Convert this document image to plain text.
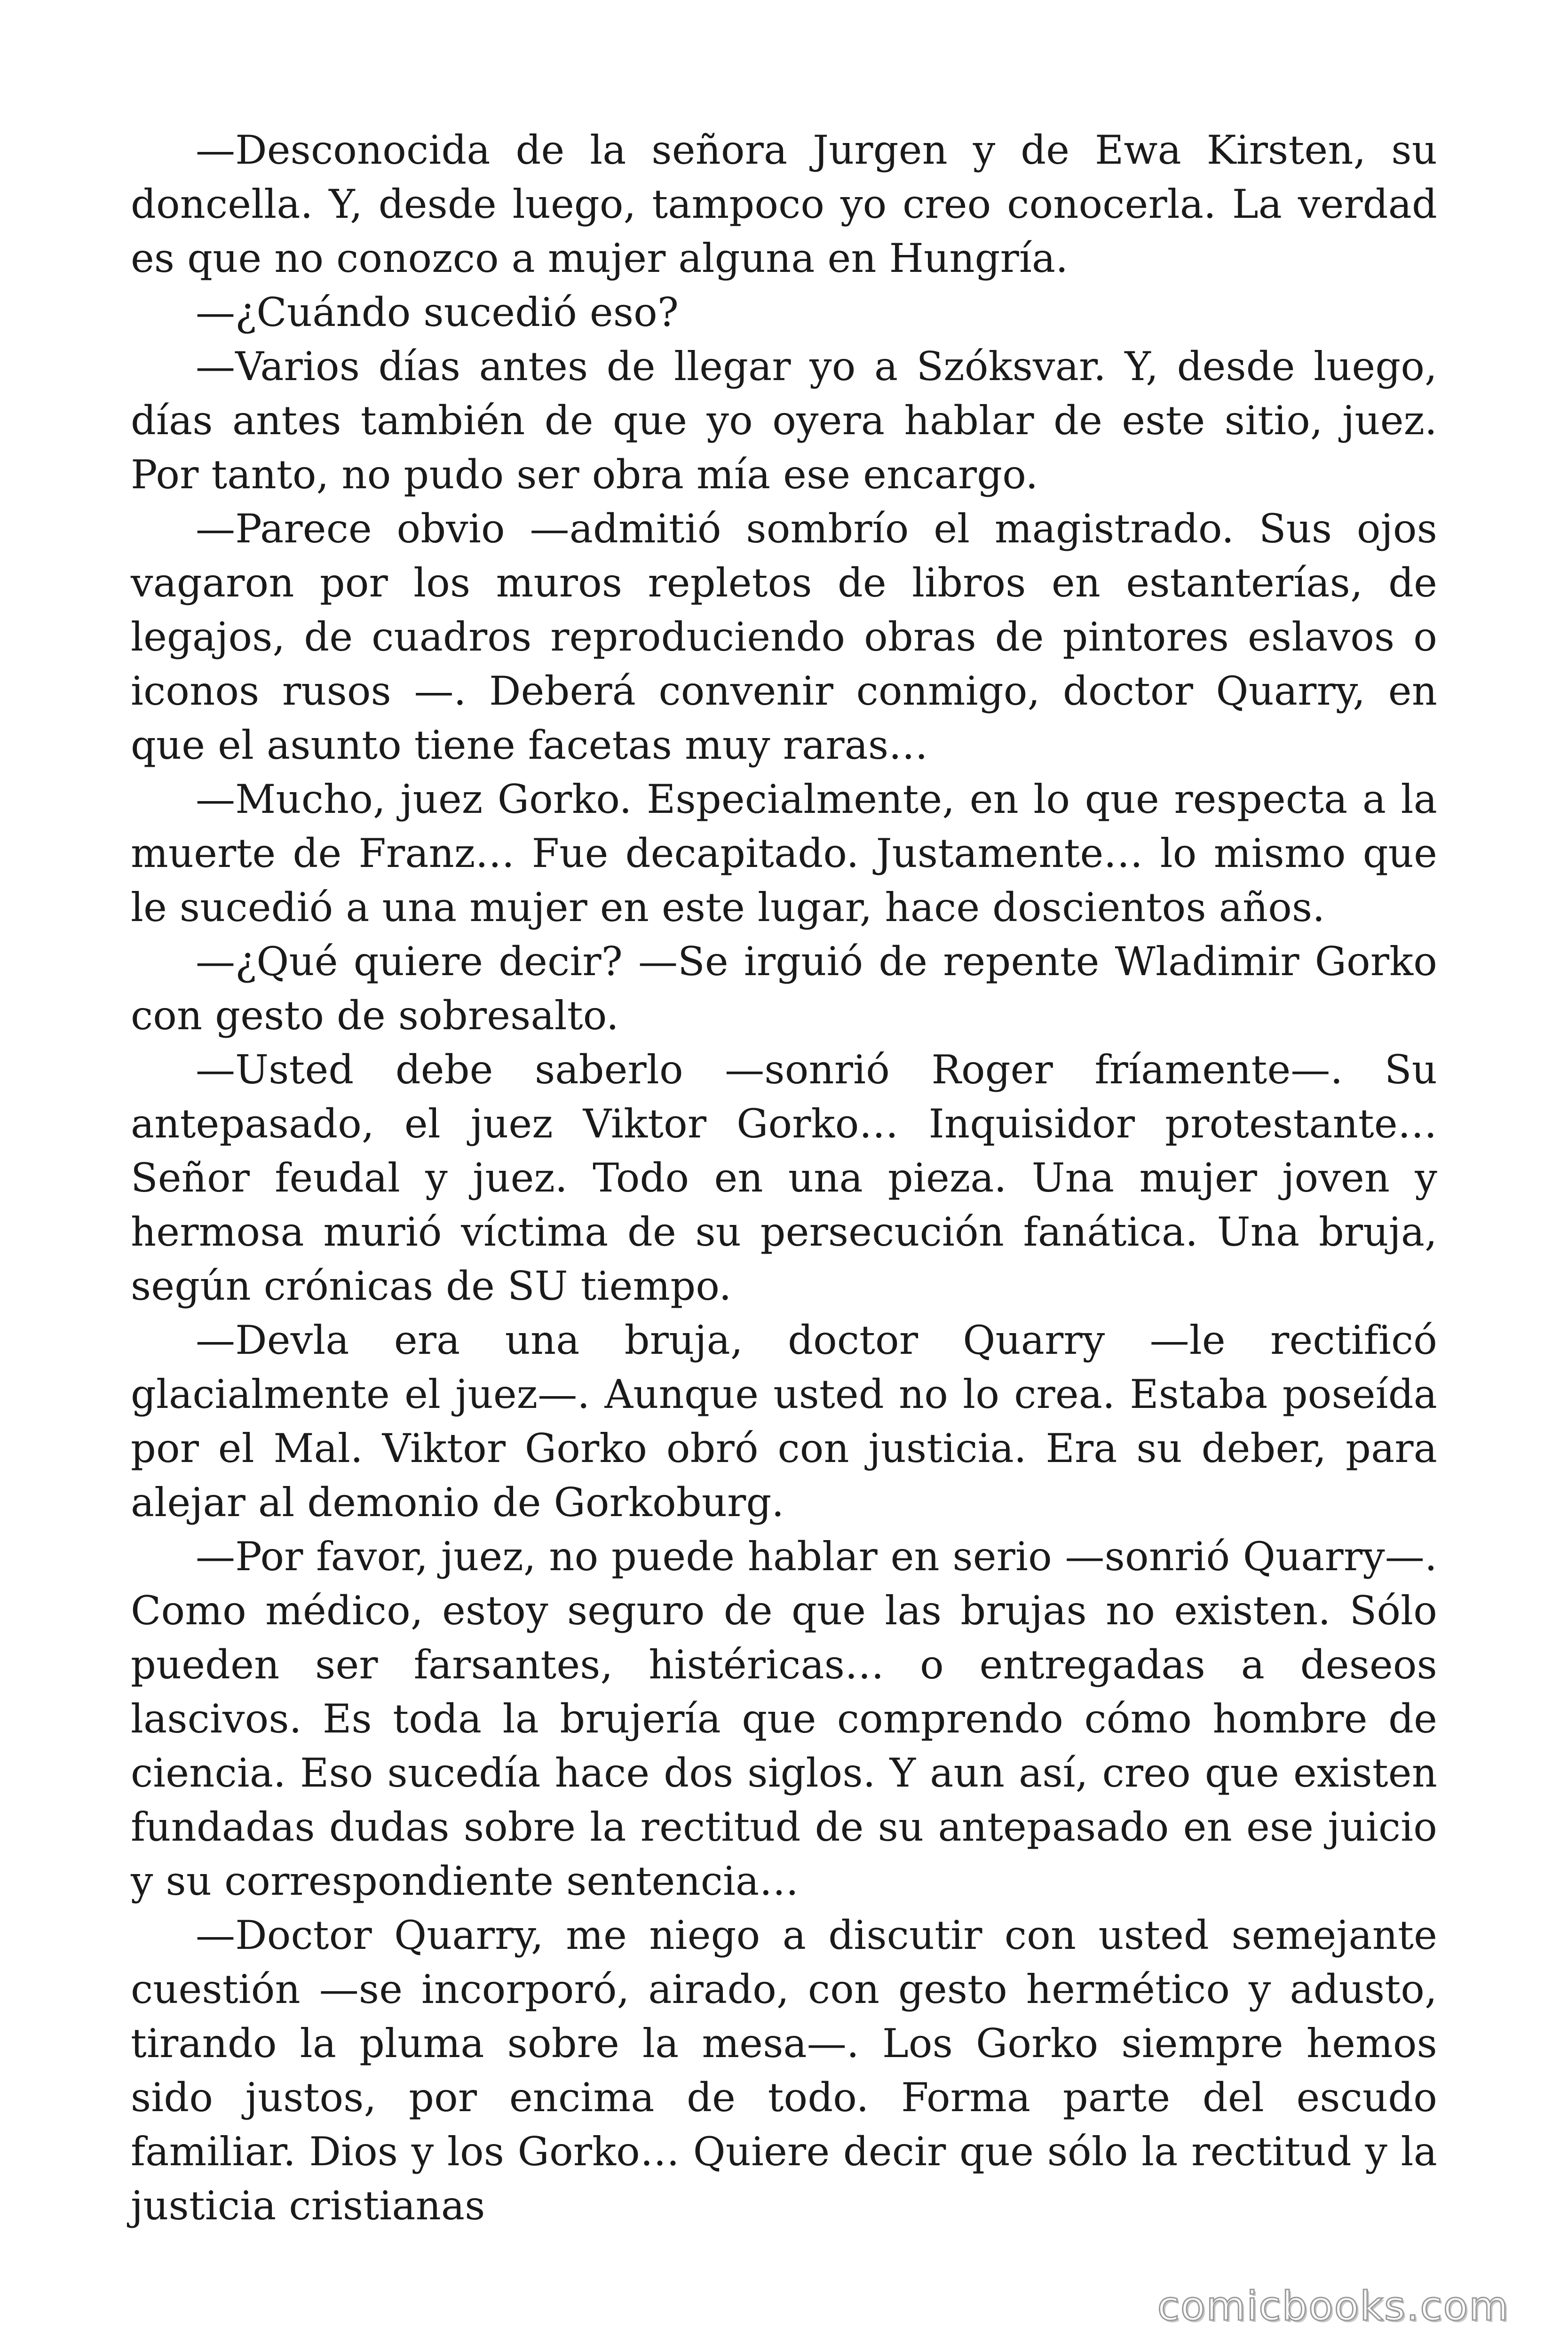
—Desconocida de la señora Jurgen y de Ewa Kirsten, su doncella. Y, desde luego, tampoco yo creo conocerla. La verdad es que no conozco a mujer alguna en Hungría.

—¿Cuándo sucedió eso?

—Varios días antes de llegar yo a Szóksvar. Y, desde luego, días antes también de que yo oyera hablar de este sitio, juez. Por tanto, no pudo ser obra mía ese encargo.

—Parece obvio —admitió sombrío el magistrado. Sus ojos vagaron por los muros repletos de libros en estanterías, de legajos, de cuadros reproduciendo obras de pintores eslavos o iconos rusos —. Deberá convenir conmigo, doctor Quarry, en que el asunto tiene facetas muy raras…

—Mucho, juez Gorko. Especialmente, en lo que respecta a la muerte de Franz… Fue decapitado. Justamente… lo mismo que le sucedió a una mujer en este lugar, hace doscientos años.

—¿Qué quiere decir? —Se irguió de repente Wladimir Gorko con gesto de sobresalto.

—Usted debe saberlo —sonrió Roger fríamente—. Su antepasado, el juez Viktor Gorko… Inquisidor protestante… Señor feudal y juez. Todo en una pieza. Una mujer joven y hermosa murió víctima de su persecución fanática. Una bruja, según crónicas de SU tiempo.

—Devla era una bruja, doctor Quarry —le rectificó glacialmente el juez—. Aunque usted no lo crea. Estaba poseída por el Mal. Viktor Gorko obró con justicia. Era su deber, para alejar al demonio de Gorkoburg.

—Por favor, juez, no puede hablar en serio —sonrió Quarry—. Como médico, estoy seguro de que las brujas no existen. Sólo pueden ser farsantes, histéricas… o entregadas a deseos lascivos. Es toda la brujería que comprendo cómo hombre de ciencia. Eso sucedía hace dos siglos. Y aun así, creo que existen fundadas dudas sobre la rectitud de su antepasado en ese juicio y su correspondiente sentencia…

—Doctor Quarry, me niego a discutir con usted semejante cuestión —se incorporó, airado, con gesto hermético y adusto, tirando la pluma sobre la mesa—. Los Gorko siempre hemos sido justos, por encima de todo. Forma parte del escudo familiar. Dios y los Gorko… Quiere decir que sólo la rectitud y la justicia cristianas

comicbooks.com
